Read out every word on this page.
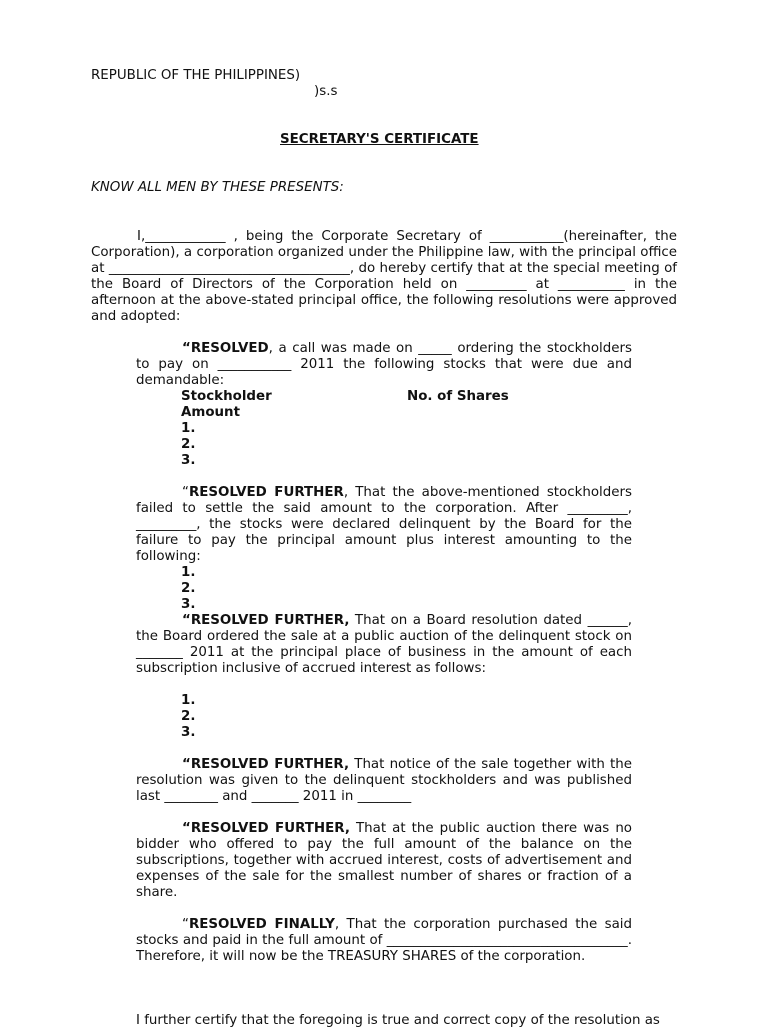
REPUBLIC OF THE PHILIPPINES)
)s.s
SECRETARY'S CERTIFICATE
KNOW ALL MEN BY THESE PRESENTS:
I,____________ , being the Corporate Secretary of ___________(hereinafter, the Corporation), a corporation organized under the Philippine law, with the principal office at ____________________________________, do hereby certify that at the special meeting of the Board of Directors of the Corporation held on _________ at __________ in the afternoon at the above-stated principal office, the following resolutions were approved and adopted:
“RESOLVED, a call was made on _____ ordering the stockholders to pay on ___________ 2011 the following stocks that were due and demandable:
Stockholder	No. of Shares
Amount
1.
2.
3.
“RESOLVED FURTHER, That the above-mentioned stockholders failed to settle the said amount to the corporation. After _________, _________, the stocks were declared delinquent by the Board for the failure to pay the principal amount plus interest amounting to the following:
1.
2.
3.
“RESOLVED FURTHER, That on a Board resolution dated ______, the Board ordered the sale at a public auction of the delinquent stock on _______ 2011 at the principal place of business in the amount of each subscription inclusive of accrued interest as follows:
1.
2.
3.
“RESOLVED FURTHER, That notice of the sale together with the resolution was given to the delinquent stockholders and was published last ________ and _______ 2011 in ________
“RESOLVED FURTHER, That at the public auction there was no bidder who offered to pay the full amount of the balance on the subscriptions, together with accrued interest, costs of advertisement and expenses of the sale for the smallest number of shares or fraction of a share.
“RESOLVED FINALLY, That the corporation purchased the said stocks and paid in the full amount of ____________________________________. Therefore, it will now be the TREASURY SHARES of the corporation.
I further certify that the foregoing is true and correct copy of the resolution as
